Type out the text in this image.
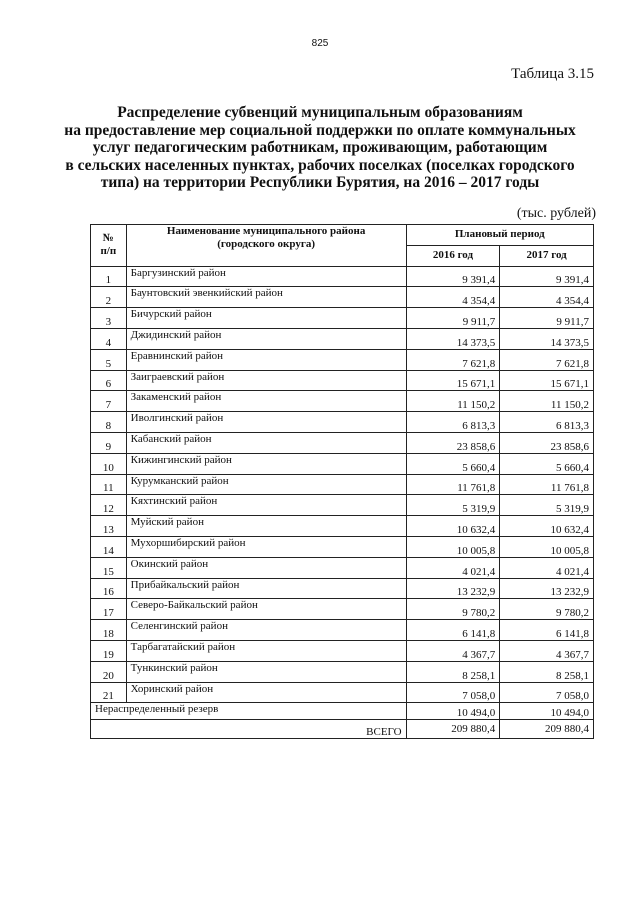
825
Таблица 3.15
Распределение субвенций муниципальным образованиям
на предоставление мер социальной поддержки по оплате коммунальных
услуг педагогическим работникам, проживающим, работающим
в сельских населенных пунктах, рабочих поселках (поселках городского
типа) на территории Республики Бурятия, на 2016 – 2017 годы
(тыс. рублей)
№
п/п	Наименование муниципального района
(городского округа)	Плановый период	
		2016 год	2017 год
1	Баргузинский район	9 391,4	9 391,4
2	Баунтовский эвенкийский район	4 354,4	4 354,4
3	Бичурский район	9 911,7	9 911,7
4	Джидинский район	14 373,5	14 373,5
5	Еравнинский район	7 621,8	7 621,8
6	Заиграевский район	15 671,1	15 671,1
7	Закаменский район	11 150,2	11 150,2
8	Иволгинский район	6 813,3	6 813,3
9	Кабанский район	23 858,6	23 858,6
10	Кижингинский район	5 660,4	5 660,4
11	Курумканский район	11 761,8	11 761,8
12	Кяхтинский район	5 319,9	5 319,9
13	Муйский район	10 632,4	10 632,4
14	Мухоршибирский район	10 005,8	10 005,8
15	Окинский район	4 021,4	4 021,4
16	Прибайкальский район	13 232,9	13 232,9
17	Северо-Байкальский район	9 780,2	9 780,2
18	Селенгинский район	6 141,8	6 141,8
19	Тарбагатайский район	4 367,7	4 367,7
20	Тункинский район	8 258,1	8 258,1
21	Хоринский район	7 058,0	7 058,0
Нераспределенный резерв		10 494,0	10 494,0
ВСЕГО		209 880,4	209 880,4
